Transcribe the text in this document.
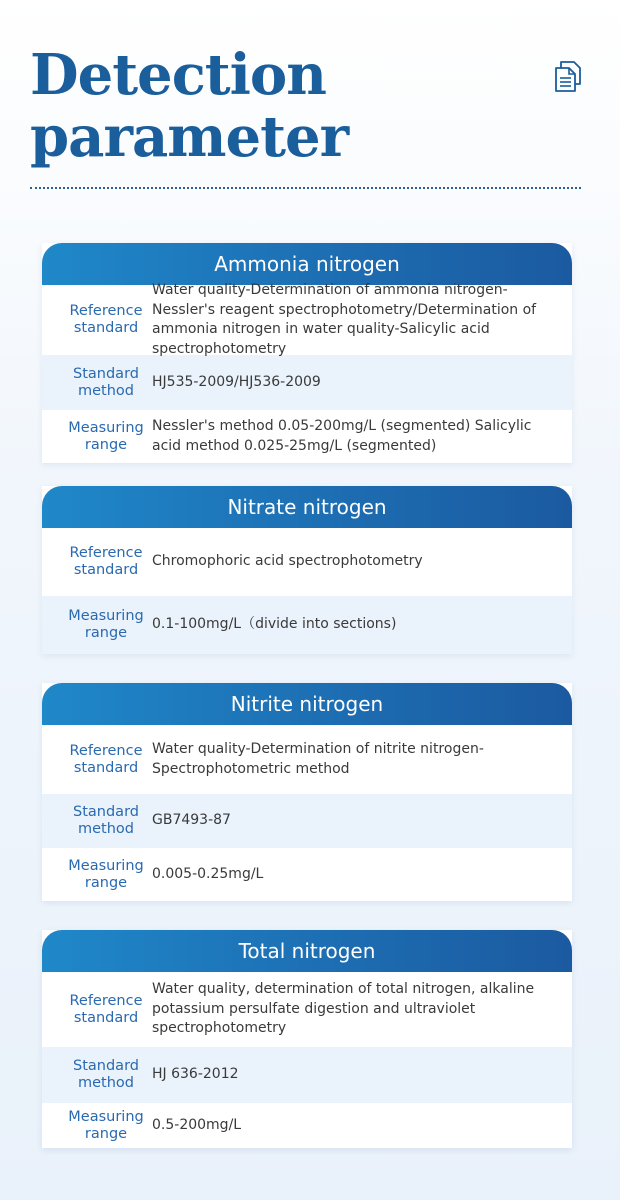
Detection
parameter
Ammonia nitrogen
Reference standard
Water quality-Determination of ammonia nitrogen-Nessler's reagent spectrophotometry/Determination of ammonia nitrogen in water quality-Salicylic acid spectrophotometry
Standard method
HJ535-2009/HJ536-2009
Measuring range
Nessler's method 0.05-200mg/L (segmented) Salicylic acid method 0.025-25mg/L (segmented)
Nitrate nitrogen
Reference standard
Chromophoric acid spectrophotometry
Measuring range
0.1-100mg/L（divide into sections)
Nitrite nitrogen
Reference standard
Water quality-Determination of nitrite nitrogen-Spectrophotometric method
Standard method
GB7493-87
Measuring range
0.005-0.25mg/L
Total nitrogen
Reference standard
Water quality, determination of total nitrogen, alkaline potassium persulfate digestion and ultraviolet spectrophotometry
Standard method
HJ 636-2012
Measuring range
0.5-200mg/L
